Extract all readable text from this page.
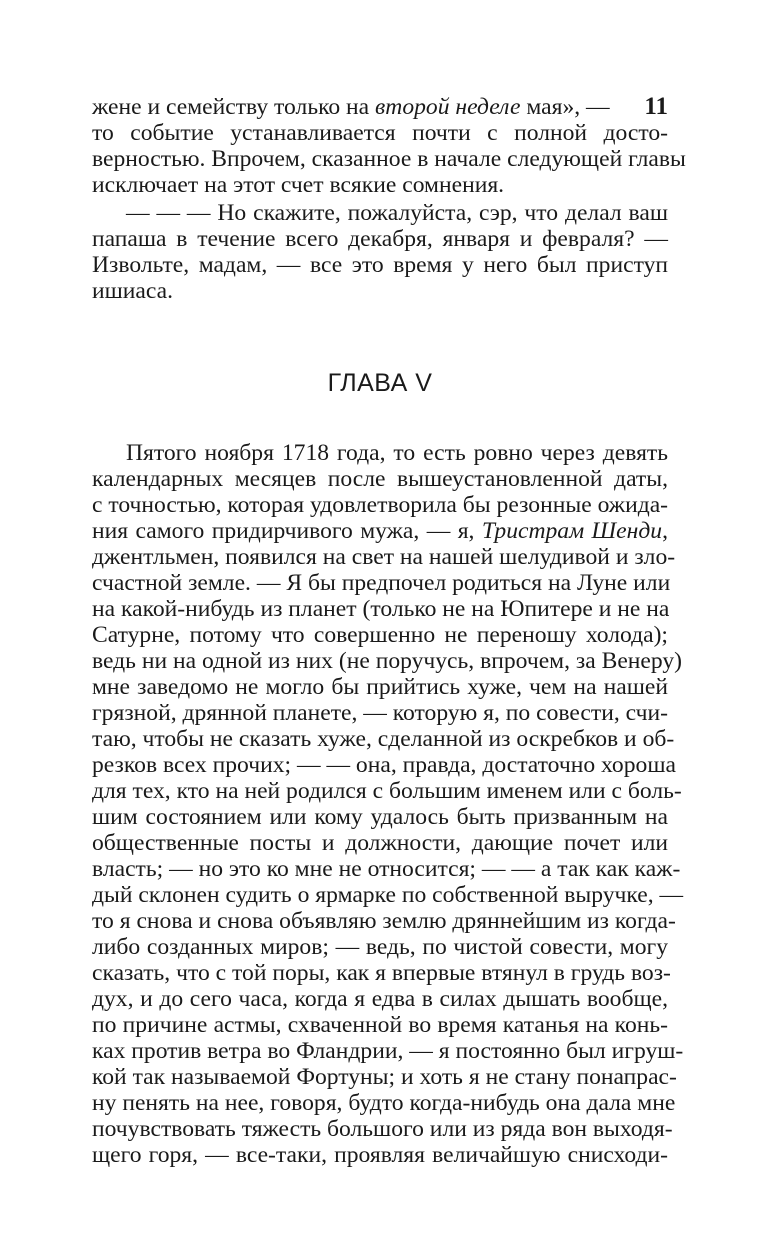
11
жене и семейству только на второй неделе мая», —
то событие устанавливается почти с полной досто-
верностью. Впрочем, сказанное в начале следующей главы
исключает на этот счет всякие сомнения.
— — — Но скажите, пожалуйста, сэр, что делал ваш
папаша в течение всего декабря, января и февраля? —
Извольте, мадам, — все это время у него был приступ
ишиаса.
ГЛАВА V
Пятого ноября 1718 года, то есть ровно через девять
календарных месяцев после вышеустановленной даты,
с точностью, которая удовлетворила бы резонные ожида-
ния самого придирчивого мужа, — я, Тристрам Шенди,
джентльмен, появился на свет на нашей шелудивой и зло-
счастной земле. — Я бы предпочел родиться на Луне или
на какой-нибудь из планет (только не на Юпитере и не на
Сатурне, потому что совершенно не переношу холода);
ведь ни на одной из них (не поручусь, впрочем, за Венеру)
мне заведомо не могло бы прийтись хуже, чем на нашей
грязной, дрянной планете, — которую я, по совести, счи-
таю, чтобы не сказать хуже, сделанной из оскребков и об-
резков всех прочих; — — она, правда, достаточно хороша
для тех, кто на ней родился с большим именем или с боль-
шим состоянием или кому удалось быть призванным на
общественные посты и должности, дающие почет или
власть; — но это ко мне не относится; — — а так как каж-
дый склонен судить о ярмарке по собственной выручке, —
то я снова и снова объявляю землю дряннейшим из когда-
либо созданных миров; — ведь, по чистой совести, могу
сказать, что с той поры, как я впервые втянул в грудь воз-
дух, и до сего часа, когда я едва в силах дышать вообще,
по причине астмы, схваченной во время катанья на конь-
ках против ветра во Фландрии, — я постоянно был игруш-
кой так называемой Фортуны; и хоть я не стану понапрас-
ну пенять на нее, говоря, будто когда-нибудь она дала мне
почувствовать тяжесть большого или из ряда вон выходя-
щего горя, — все-таки, проявляя величайшую снисходи-
